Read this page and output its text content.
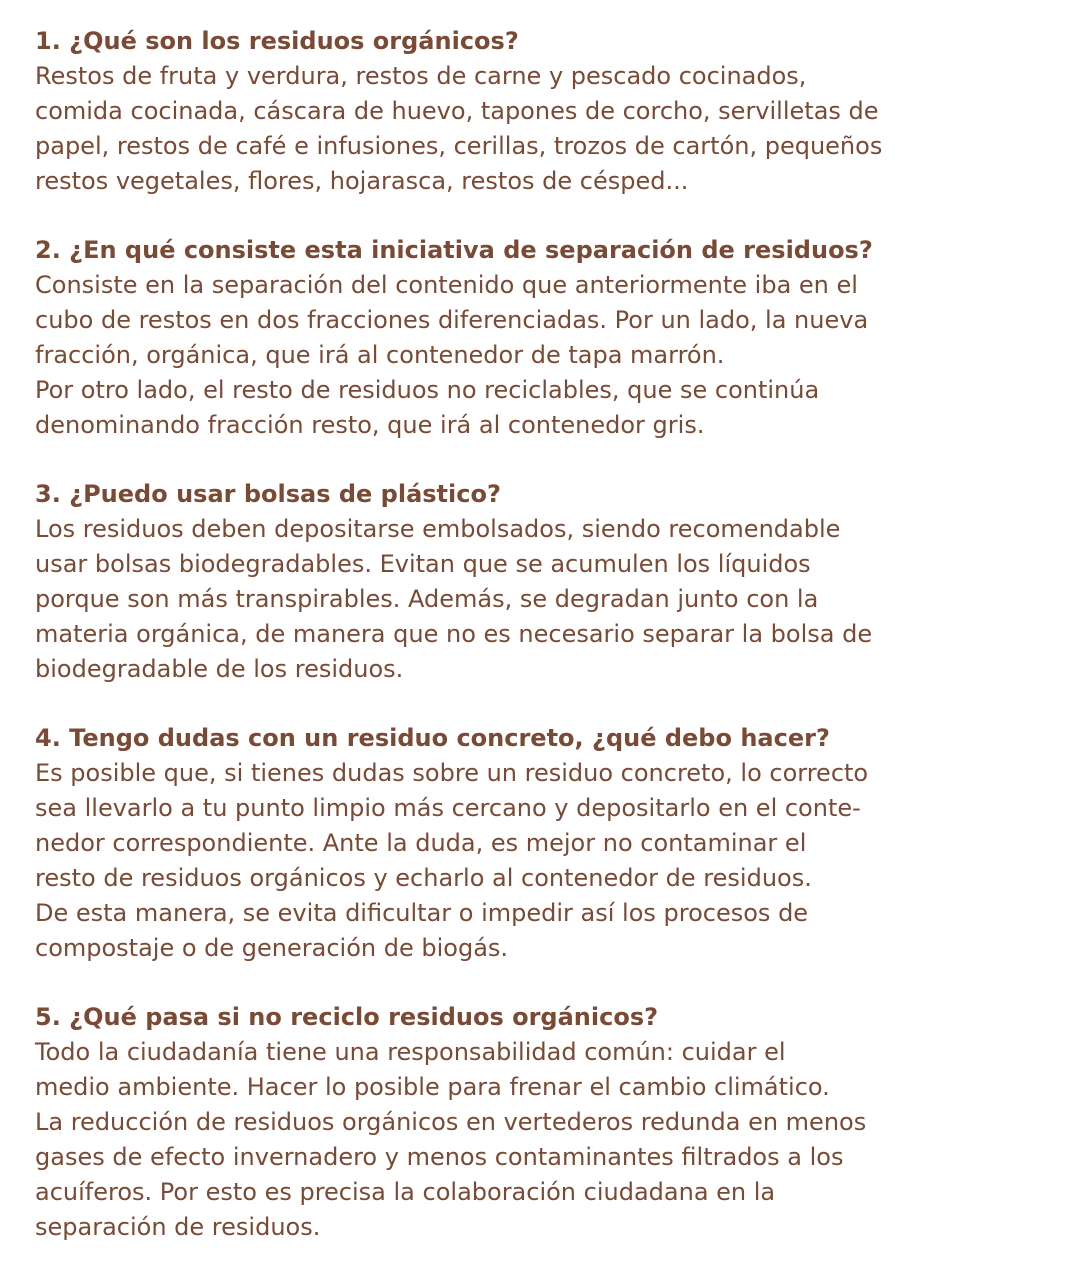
1. ¿Qué son los residuos orgánicos?

Restos de fruta y verdura, restos de carne y pescado cocinados,

comida cocinada, cáscara de huevo, tapones de corcho, servilletas de

papel, restos de café e infusiones, cerillas, trozos de cartón, pequeños

restos vegetales, flores, hojarasca, restos de césped...

2. ¿En qué consiste esta iniciativa de separación de residuos?

Consiste en la separación del contenido que anteriormente iba en el

cubo de restos en dos fracciones diferenciadas. Por un lado, la nueva

fracción, orgánica, que irá al contenedor de tapa marrón.

Por otro lado, el resto de residuos no reciclables, que se continúa

denominando fracción resto, que irá al contenedor gris.

3. ¿Puedo usar bolsas de plástico?

Los residuos deben depositarse embolsados, siendo recomendable

usar bolsas biodegradables. Evitan que se acumulen los líquidos

porque son más transpirables. Además, se degradan junto con la

materia orgánica, de manera que no es necesario separar la bolsa de

biodegradable de los residuos.

4. Tengo dudas con un residuo concreto, ¿qué debo hacer?

Es posible que, si tienes dudas sobre un residuo concreto, lo correcto

sea llevarlo a tu punto limpio más cercano y depositarlo en el conte-

nedor correspondiente. Ante la duda, es mejor no contaminar el

resto de residuos orgánicos y echarlo al contenedor de residuos.

De esta manera, se evita dificultar o impedir así los procesos de

compostaje o de generación de biogás.

5. ¿Qué pasa si no reciclo residuos orgánicos?

Todo la ciudadanía tiene una responsabilidad común: cuidar el

medio ambiente. Hacer lo posible para frenar el cambio climático.

La reducción de residuos orgánicos en vertederos redunda en menos

gases de efecto invernadero y menos contaminantes filtrados a los

acuíferos. Por esto es precisa la colaboración ciudadana en la

separación de residuos.
